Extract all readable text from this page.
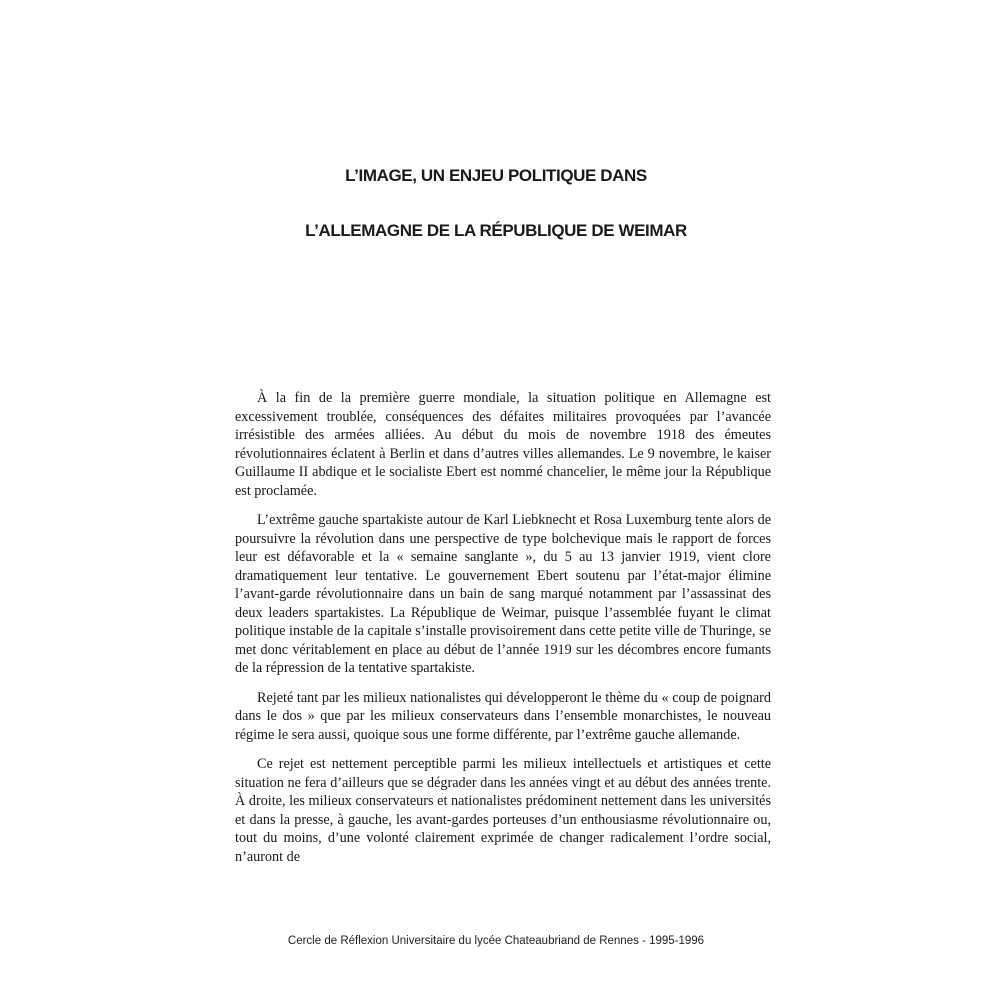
L’IMAGE, UN ENJEU POLITIQUE DANS
L’ALLEMAGNE DE LA RÉPUBLIQUE DE WEIMAR

À la fin de la première guerre mondiale, la situation politique en Allemagne est excessivement troublée, conséquences des défaites militaires provoquées par l’avancée irrésistible des armées alliées. Au début du mois de novembre 1918 des émeutes révolutionnaires éclatent à Berlin et dans d’autres villes allemandes. Le 9 novembre, le kaiser Guillaume II abdique et le socialiste Ebert est nommé chancelier, le même jour la République est proclamée.

L’extrême gauche spartakiste autour de Karl Liebknecht et Rosa Luxemburg tente alors de poursuivre la révolution dans une perspective de type bolchevique mais le rapport de forces leur est défavorable et la « semaine sanglante », du 5 au 13 janvier 1919, vient clore dramatiquement leur tentative. Le gouvernement Ebert soutenu par l’état-major élimine l’avant-garde révolutionnaire dans un bain de sang marqué notamment par l’assassinat des deux leaders spartakistes. La République de Weimar, puisque l’assemblée fuyant le climat politique instable de la capitale s’installe provisoirement dans cette petite ville de Thuringe, se met donc véritablement en place au début de l’année 1919 sur les décombres encore fumants de la répression de la tentative spartakiste.

Rejeté tant par les milieux nationalistes qui développeront le thème du « coup de poignard dans le dos » que par les milieux conservateurs dans l’ensemble monarchistes, le nouveau régime le sera aussi, quoique sous une forme différente, par l’extrême gauche allemande.

Ce rejet est nettement perceptible parmi les milieux intellectuels et artistiques et cette situation ne fera d’ailleurs que se dégrader dans les années vingt et au début des années trente. À droite, les milieux conservateurs et nationalistes prédominent nettement dans les universités et dans la presse, à gauche, les avant-gardes porteuses d’un enthousiasme révolutionnaire ou, tout du moins, d’une volonté clairement exprimée de changer radicalement l’ordre social, n’auront de

Cercle de Réflexion Universitaire du lycée Chateaubriand de Rennes - 1995-1996
